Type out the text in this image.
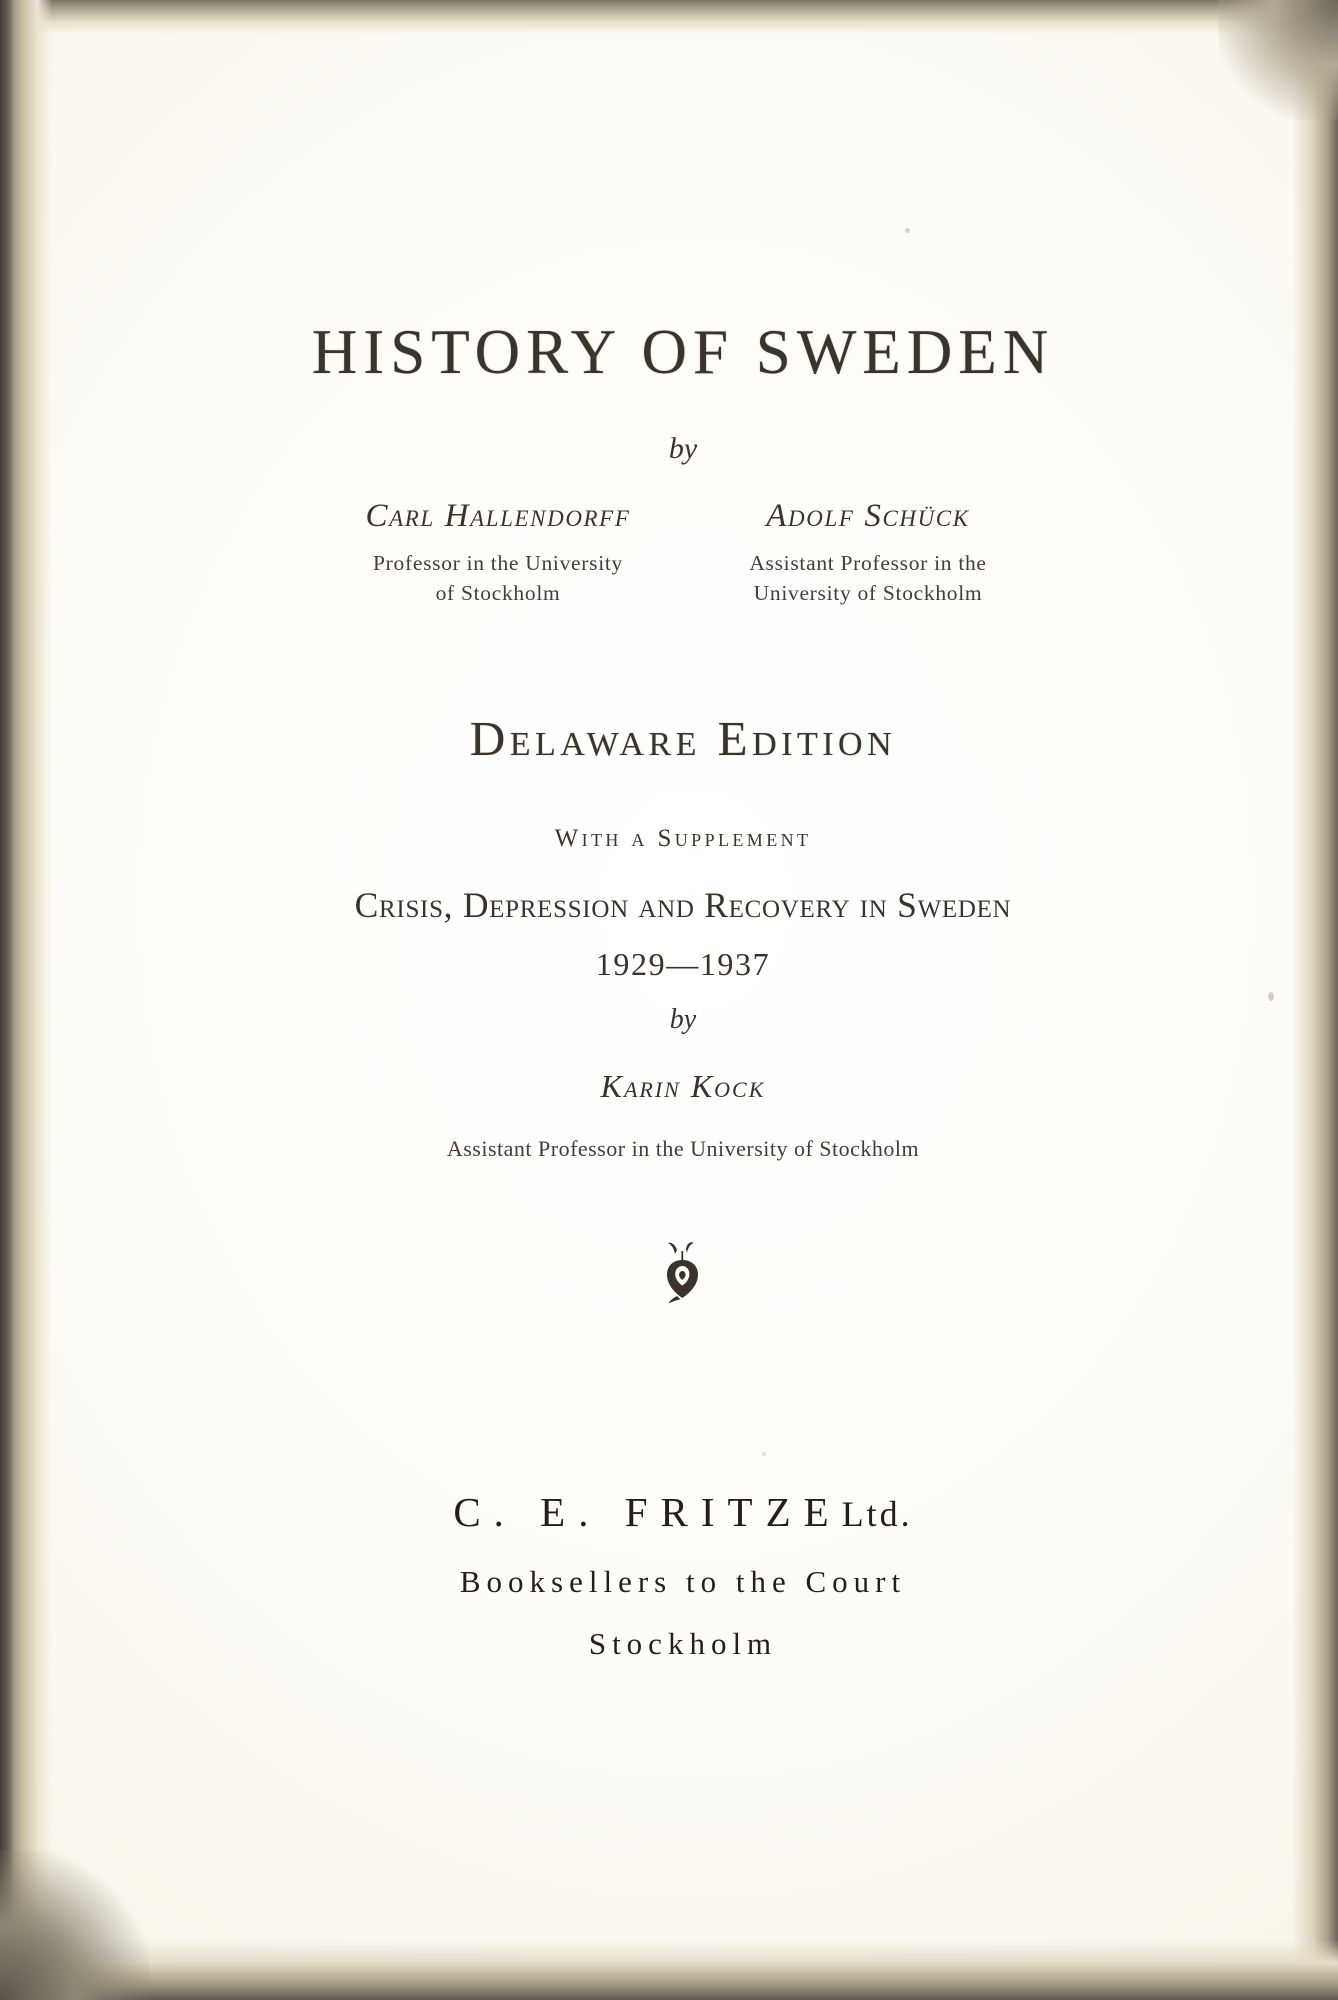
HISTORY OF SWEDEN
by
Carl Hallendorff
Professor in the University
of Stockholm
Adolf Schück
Assistant Professor in the
University of Stockholm
Delaware Edition
With a Supplement
Crisis, Depression and Recovery in Sweden
1929—1937
by
Karin Kock
Assistant Professor in the University of Stockholm
C. E. FRITZELtd.
Booksellers to the Court
Stockholm
